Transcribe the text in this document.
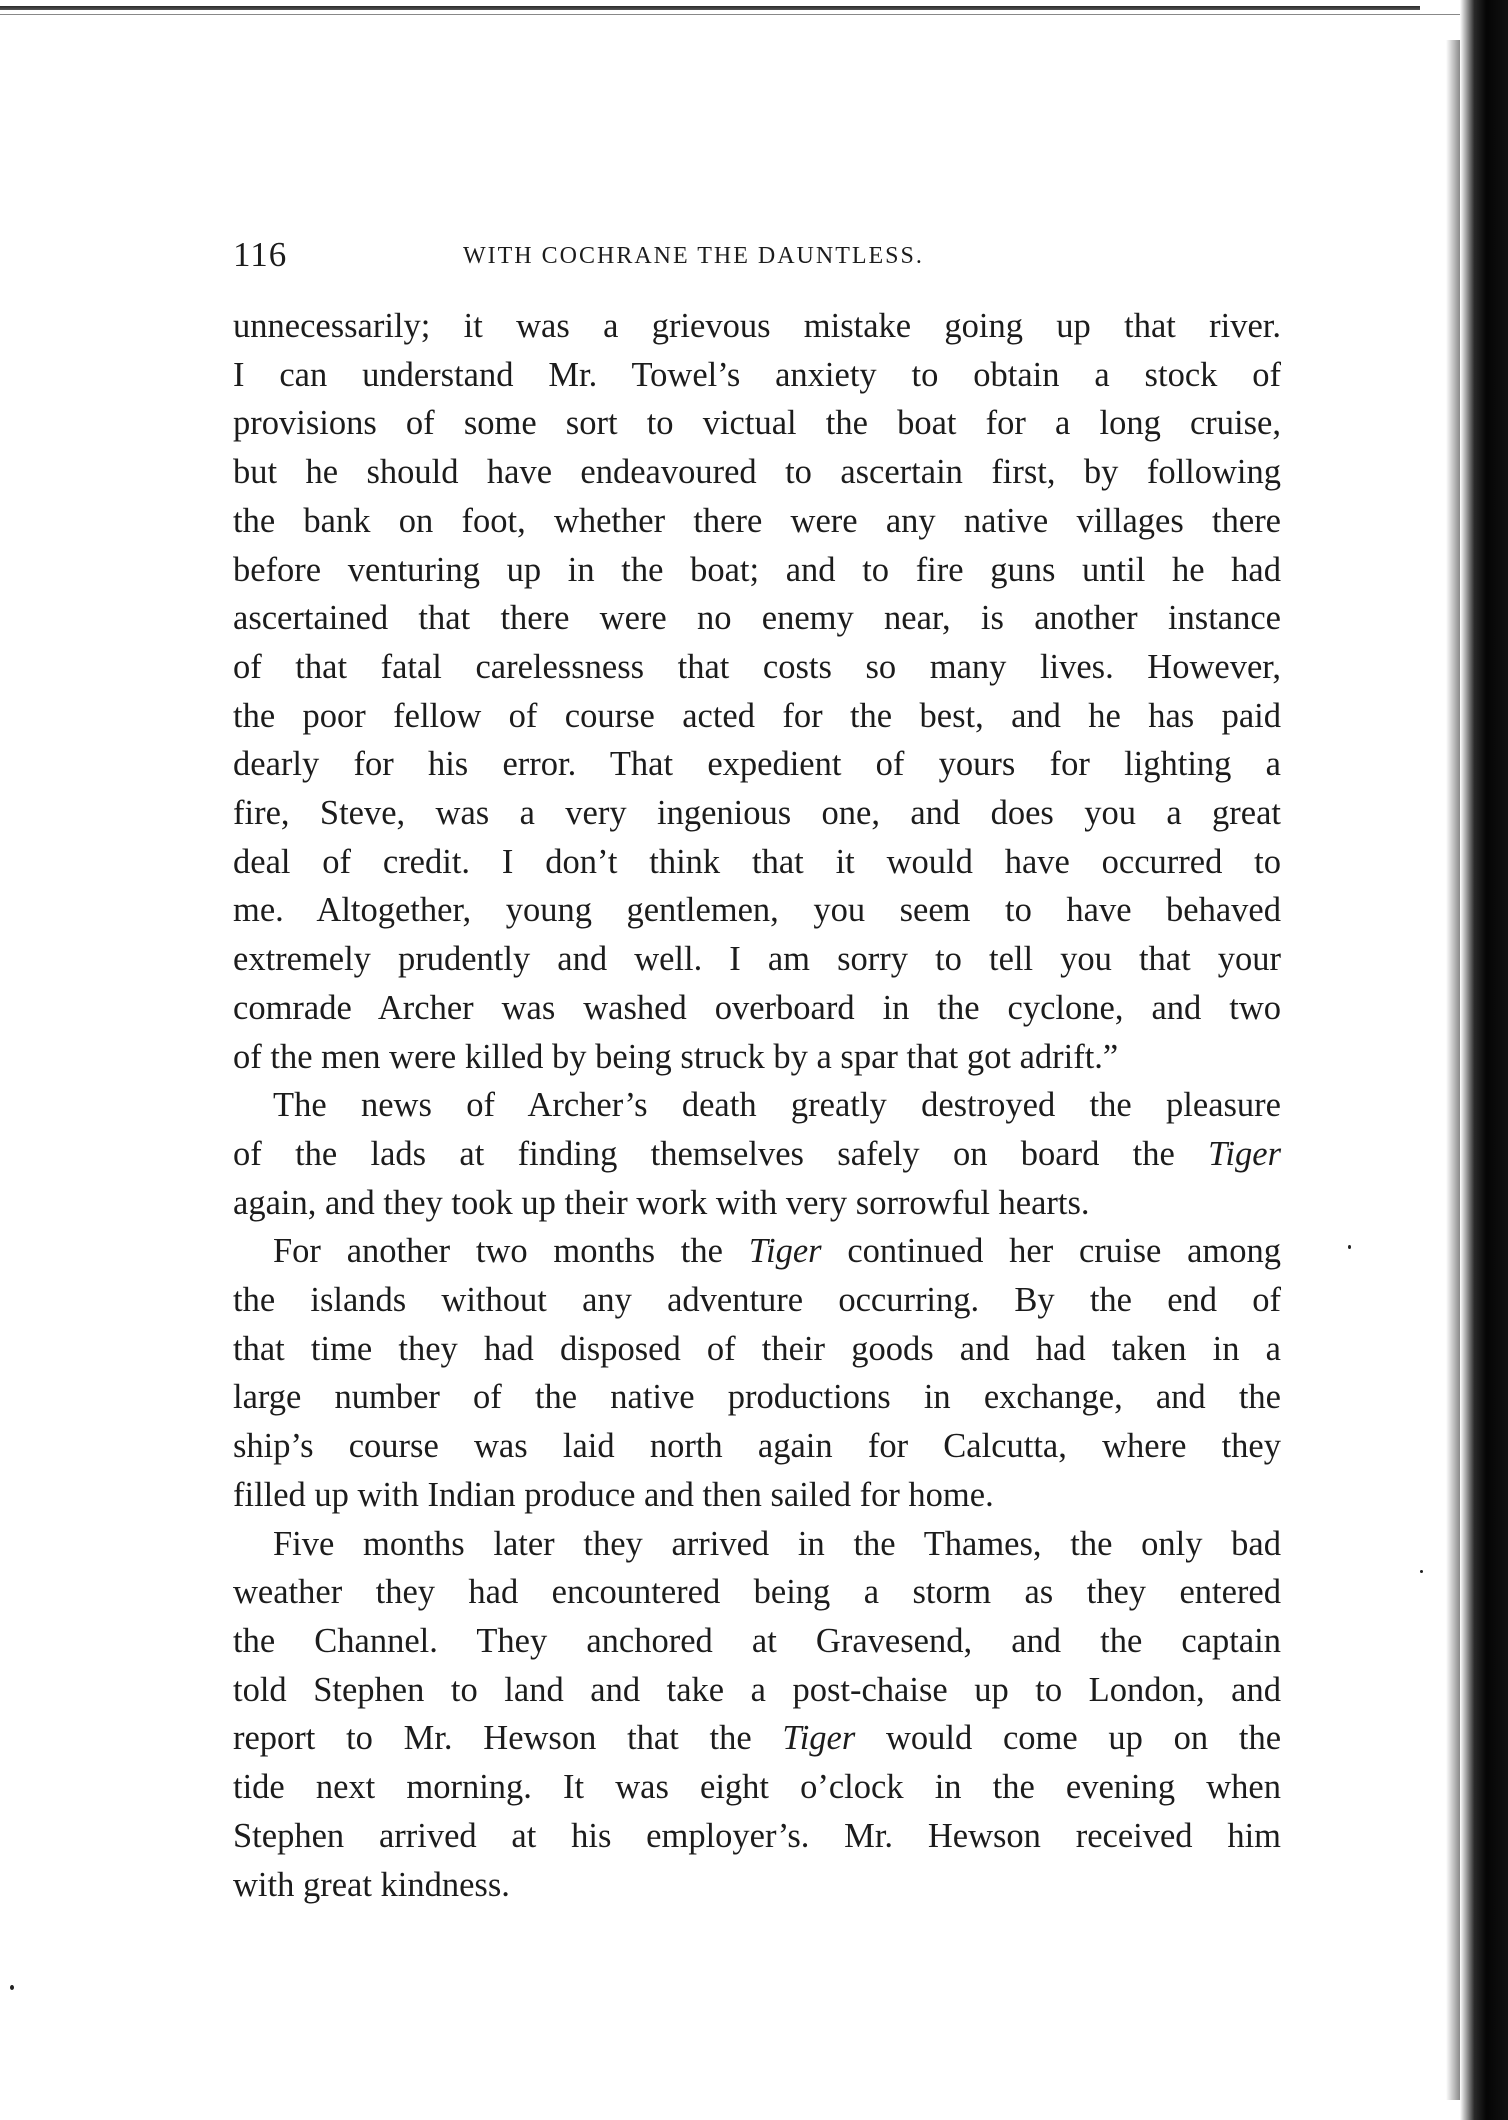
116	WITH COCHRANE THE DAUNTLESS.

unnecessarily; it was a grievous mistake going up that river.
I can understand Mr. Towel’s anxiety to obtain a stock of
provisions of some sort to victual the boat for a long cruise,
but he should have endeavoured to ascertain first, by following
the bank on foot, whether there were any native villages there
before venturing up in the boat; and to fire guns until he had
ascertained that there were no enemy near, is another instance
of that fatal carelessness that costs so many lives. However,
the poor fellow of course acted for the best, and he has paid
dearly for his e​r​ror. That expedient of yours for lighting a
fire, Steve, was a very ingenious one, and does you a great
deal of credit. I don’t think that it would have occurred to
me. Altogether, young gentlemen, you seem to have behaved
extremely prudently and well. I am sorry to tell you that your
comrade Archer was washed overboard in the cyclone, and two
of the men were killed by being struck by a spar that got adrift.”

The news of Archer’s death greatly destroyed the pleasure
of the lads at finding themselves safely on board the Tiger
again, and they took up their work with very sorrowful hearts.

For another two months the Tiger continued her cruise among
the islands without any adventure occurring. By the end of
that time they had disposed of their goods and had taken in a
large number of the native productions in exchange, and the
ship’s course was laid north again for Calcutta, where they
filled up with Indian produce and then sailed for home.

Five months later they arrived in the Thames, the only bad
weather they had encountered being a storm as they entered
the Channel. They anchored at Gravesend, and the captain
told Stephen to land and take a post-chaise up to London, and
report to Mr. Hewson that the Tiger would come up on the
tide next morning. It was eight o’clock in the evening when
Stephen arrived at his employer’s. Mr. Hewson received him
with great kindness.
